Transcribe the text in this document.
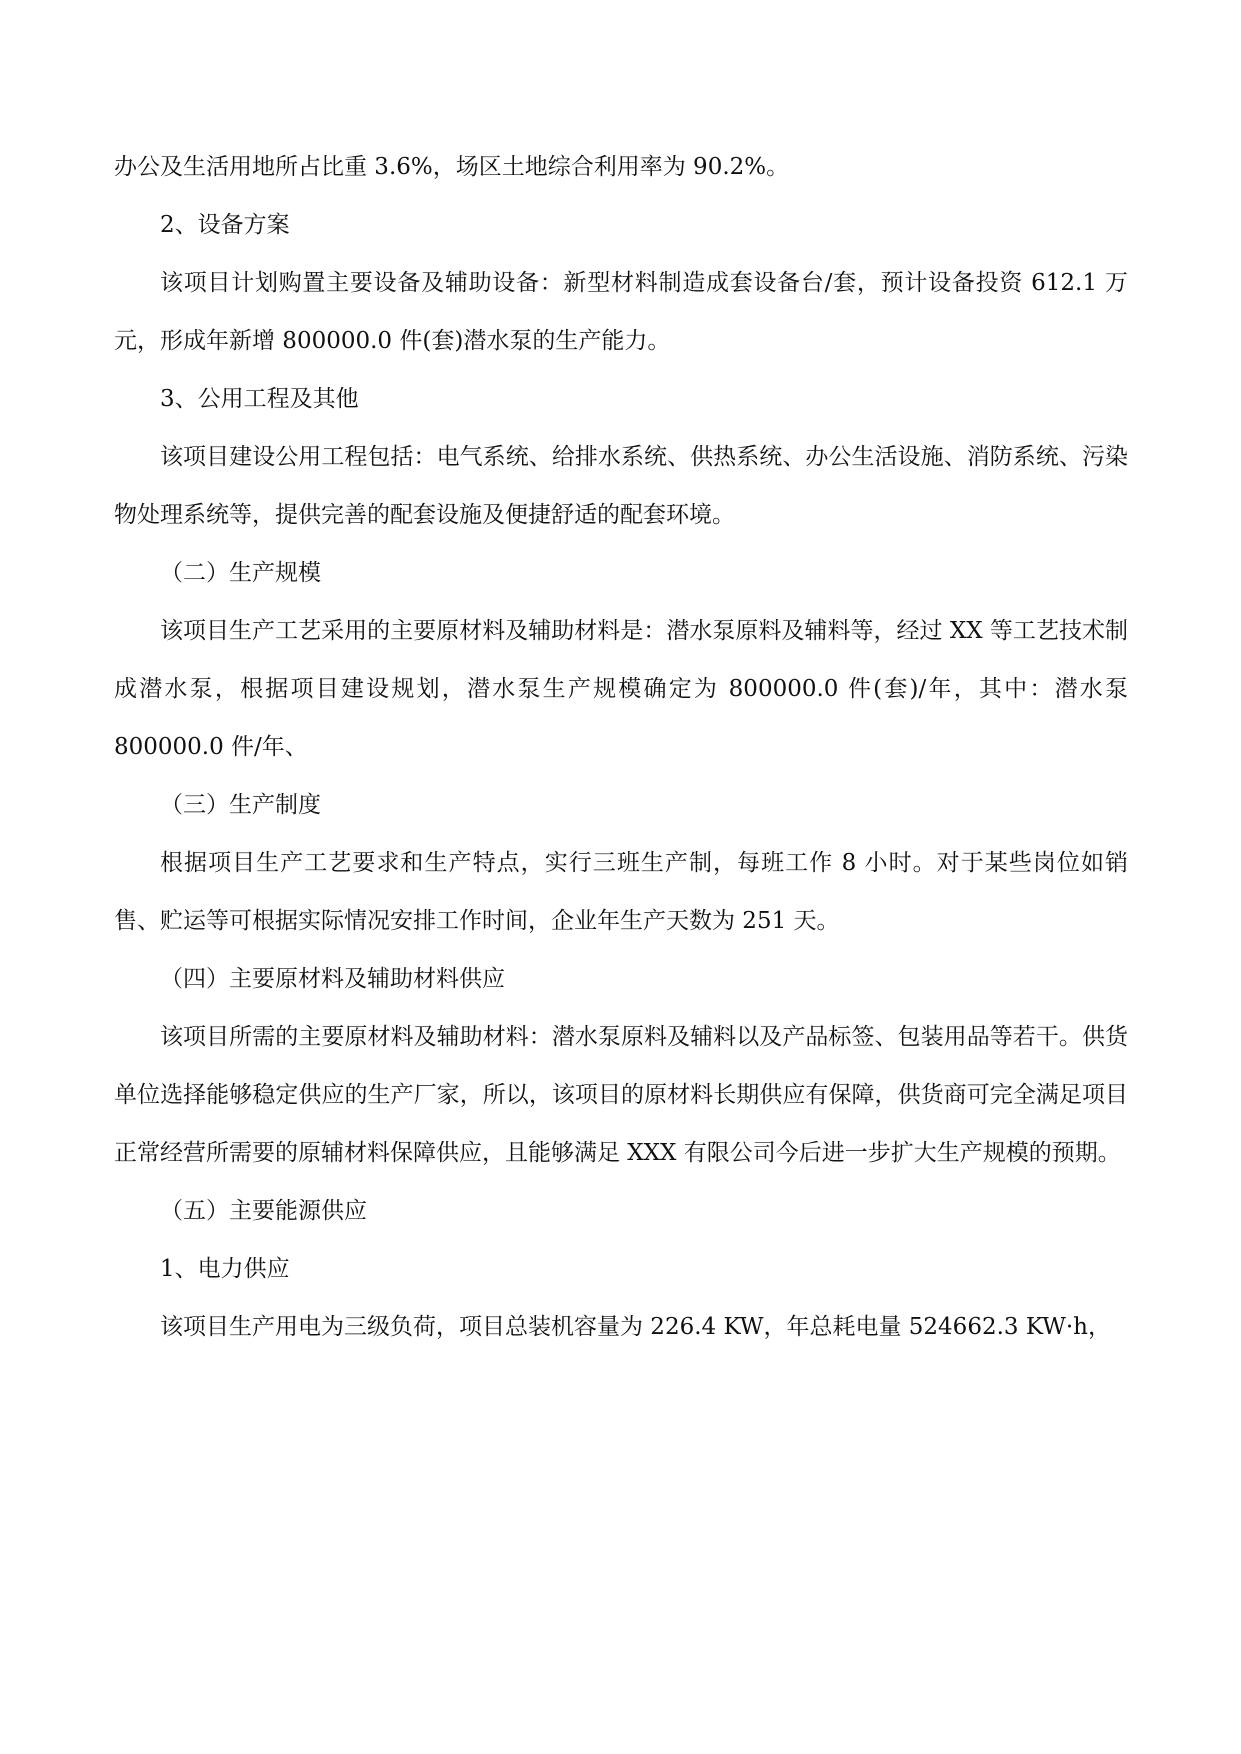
办公及生活用地所占比重 3.6%，场区土地综合利用率为 90.2%。

2、设备方案

该项目计划购置主要设备及辅助设备：新型材料制造成套设备台/套，预计设备投资 612.1 万元，形成年新增 800000.0 件(套)潜水泵的生产能力。

3、公用工程及其他

该项目建设公用工程包括：电气系统、给排水系统、供热系统、办公生活设施、消防系统、污染物处理系统等，提供完善的配套设施及便捷舒适的配套环境。

（二）生产规模

该项目生产工艺采用的主要原材料及辅助材料是：潜水泵原料及辅料等，经过 XX 等工艺技术制成潜水泵，根据项目建设规划，潜水泵生产规模确定为 800000.0 件(套)/年，其中：潜水泵 800000.0 件/年、

（三）生产制度

根据项目生产工艺要求和生产特点，实行三班生产制，每班工作 8 小时。对于某些岗位如销售、贮运等可根据实际情况安排工作时间，企业年生产天数为 251 天。

（四）主要原材料及辅助材料供应

该项目所需的主要原材料及辅助材料：潜水泵原料及辅料以及产品标签、包装用品等若干。供货单位选择能够稳定供应的生产厂家，所以，该项目的原材料长期供应有保障，供货商可完全满足项目正常经营所需要的原辅材料保障供应，且能够满足 XXX 有限公司今后进一步扩大生产规模的预期。

（五）主要能源供应

1、电力供应

该项目生产用电为三级负荷，项目总装机容量为 226.4 KW，年总耗电量 524662.3 KW·h，
